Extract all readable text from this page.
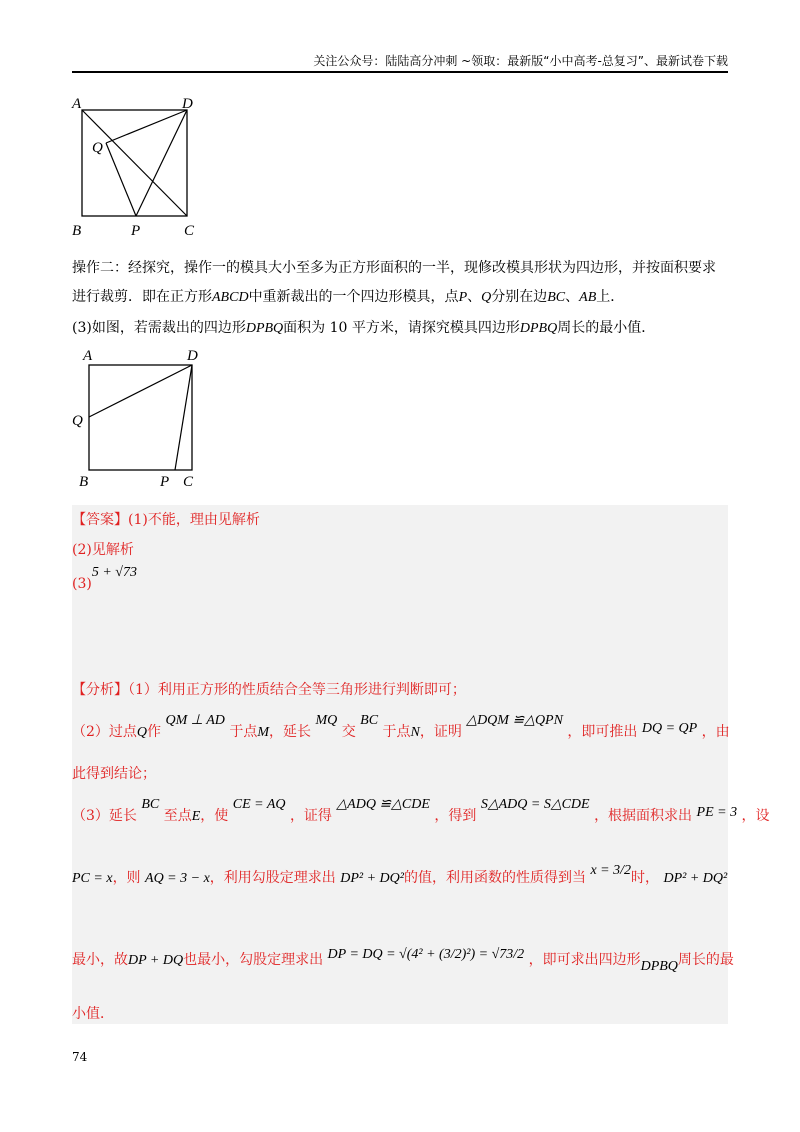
关注公众号：陆陆高分冲刺 ~领取：最新版“小中高考-总复习”、最新试卷下载
A	D
Q
B	P	C
操作二：经探究，操作一的模具大小至多为正方形面积的一半，现修改模具形状为四边形，并按面积要求
进行裁剪．即在正方形ABCD中重新裁出的一个四边形模具，点P、Q分别在边BC、AB上．
(3)如图，若需裁出的四边形DPBQ面积为 10 平方米，请探究模具四边形DPBQ周长的最小值．
A	D
Q
B	P C
【答案】(1)不能，理由见解析
(2)见解析
(3)5 + √73
【分析】（1）利用正方形的性质结合全等三角形进行判断即可；
（2）过点Q作 QM ⊥ AD 于点M，延长 MQ 交 BC 于点N，证明 △DQM ≌△QPN ，即可推出 DQ = QP ，由
此得到结论；
（3）延长 BC 至点E，使 CE = AQ ，证得 △ADQ ≌△CDE ，得到 S△ADQ = S△CDE ，根据面积求出 PE = 3 ，设
PC = x，则 AQ = 3 − x，利用勾股定理求出 DP² + DQ²的值，利用函数的性质得到当 x = 3/2时， DP² + DQ²
最小，故DP + DQ也最小，勾股定理求出 DP = DQ = √(4² + (3/2)²) = √73/2 ，即可求出四边形DPBQ周长的最
小值．
74
